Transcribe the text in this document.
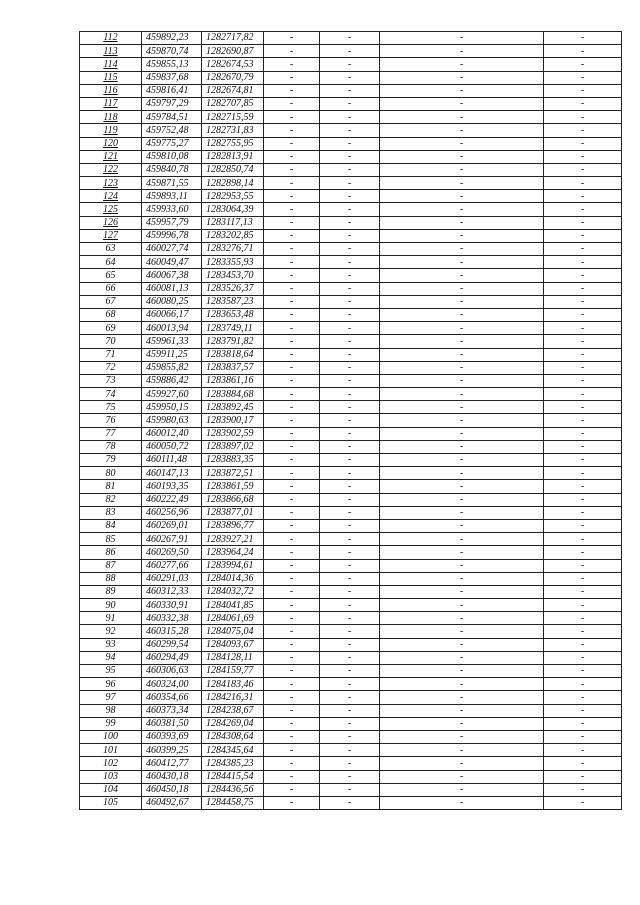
112	459892,23	1282717,82	-	-	-	-
113	459870,74	1282690,87	-	-	-	-
114	459855,13	1282674,53	-	-	-	-
115	459837,68	1282670,79	-	-	-	-
116	459816,41	1282674,81	-	-	-	-
117	459797,29	1282707,85	-	-	-	-
118	459784,51	1282715,59	-	-	-	-
119	459752,48	1282731,83	-	-	-	-
120	459775,27	1282755,95	-	-	-	-
121	459810,08	1282813,91	-	-	-	-
122	459840,78	1282850,74	-	-	-	-
123	459871,55	1282898,14	-	-	-	-
124	459893,11	1282953,55	-	-	-	-
125	459933,60	1283064,39	-	-	-	-
126	459957,79	1283117,13	-	-	-	-
127	459996,78	1283202,85	-	-	-	-
63	460027,74	1283276,71	-	-	-	-
64	460049,47	1283355,93	-	-	-	-
65	460067,38	1283453,70	-	-	-	-
66	460081,13	1283526,37	-	-	-	-
67	460080,25	1283587,23	-	-	-	-
68	460066,17	1283653,48	-	-	-	-
69	460013,94	1283749,11	-	-	-	-
70	459961,33	1283791,82	-	-	-	-
71	459911,25	1283818,64	-	-	-	-
72	459855,82	1283837,57	-	-	-	-
73	459886,42	1283861,16	-	-	-	-
74	459927,60	1283884,68	-	-	-	-
75	459950,15	1283892,45	-	-	-	-
76	459980,63	1283900,17	-	-	-	-
77	460012,40	1283902,59	-	-	-	-
78	460050,72	1283897,02	-	-	-	-
79	460111,48	1283883,35	-	-	-	-
80	460147,13	1283872,51	-	-	-	-
81	460193,35	1283861,59	-	-	-	-
82	460222,49	1283866,68	-	-	-	-
83	460256,96	1283877,01	-	-	-	-
84	460269,01	1283896,77	-	-	-	-
85	460267,91	1283927,21	-	-	-	-
86	460269,50	1283964,24	-	-	-	-
87	460277,66	1283994,61	-	-	-	-
88	460291,03	1284014,36	-	-	-	-
89	460312,33	1284032,72	-	-	-	-
90	460330,91	1284041,85	-	-	-	-
91	460332,38	1284061,69	-	-	-	-
92	460315,28	1284075,04	-	-	-	-
93	460299,54	1284093,67	-	-	-	-
94	460294,49	1284128,11	-	-	-	-
95	460306,63	1284159,77	-	-	-	-
96	460324,00	1284183,46	-	-	-	-
97	460354,66	1284216,31	-	-	-	-
98	460373,34	1284238,67	-	-	-	-
99	460381,50	1284269,04	-	-	-	-
100	460393,69	1284308,64	-	-	-	-
101	460399,25	1284345,64	-	-	-	-
102	460412,77	1284385,23	-	-	-	-
103	460430,18	1284415,54	-	-	-	-
104	460450,18	1284436,56	-	-	-	-
105	460492,67	1284458,75	-	-	-	-
